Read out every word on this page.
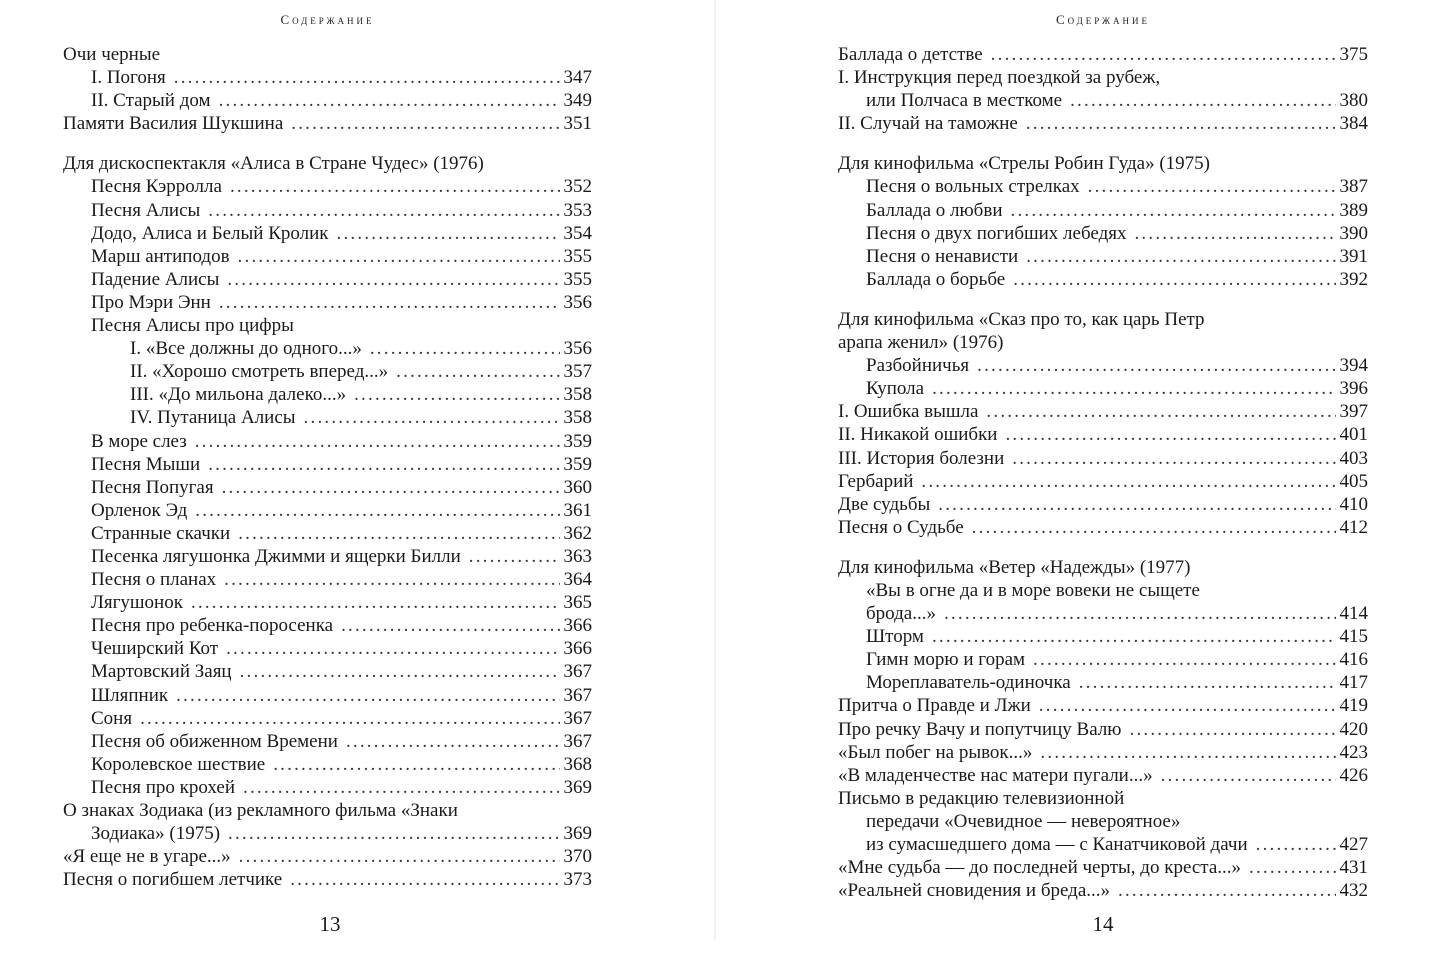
Содержание
Очи черные
I. Погоня .....	347
II. Старый дом .....	349
Памяти Василия Шукшина .....	351
Для дискоспектакля «Алиса в Стране Чудес» (1976)
Песня Кэрролла .....	352
Песня Алисы .....	353
Додо, Алиса и Белый Кролик .....	354
Марш антиподов .....	355
Падение Алисы .....	355
Про Мэри Энн .....	356
Песня Алисы про цифры
I. «Все должны до одного...» .....	356
II. «Хорошо смотреть вперед...» .....	357
III. «До мильона далеко...» .....	358
IV. Путаница Алисы .....	358
В море слез .....	359
Песня Мыши .....	359
Песня Попугая .....	360
Орленок Эд .....	361
Странные скачки .....	362
Песенка лягушонка Джимми и ящерки Билли .....	363
Песня о планах .....	364
Лягушонок .....	365
Песня про ребенка-поросенка .....	366
Чеширский Кот .....	366
Мартовский Заяц .....	367
Шляпник .....	367
Соня .....	367
Песня об обиженном Времени .....	367
Королевское шествие .....	368
Песня про крохей .....	369
О знаках Зодиака (из рекламного фильма «Знаки
Зодиака» (1975) .....	369
«Я еще не в угаре...» .....	370
Песня о погибшем летчике .....	373
13
Содержание
Баллада о детстве .....	375
I. Инструкция перед поездкой за рубеж,
или Полчаса в месткоме .....	380
II. Случай на таможне .....	384
Для кинофильма «Стрелы Робин Гуда» (1975)
Песня о вольных стрелках .....	387
Баллада о любви .....	389
Песня о двух погибших лебедях .....	390
Песня о ненависти .....	391
Баллада о борьбе .....	392
Для кинофильма «Сказ про то, как царь Петр
арапа женил» (1976)
Разбойничья .....	394
Купола .....	396
I. Ошибка вышла .....	397
II. Никакой ошибки .....	401
III. История болезни .....	403
Гербарий .....	405
Две судьбы .....	410
Песня о Судьбе .....	412
Для кинофильма «Ветер «Надежды» (1977)
«Вы в огне да и в море вовеки не сыщете
брода...» .....	414
Шторм .....	415
Гимн морю и горам .....	416
Мореплаватель-одиночка .....	417
Притча о Правде и Лжи .....	419
Про речку Вачу и попутчицу Валю .....	420
«Был побег на рывок...» .....	423
«В младенчестве нас матери пугали...» .....	426
Письмо в редакцию телевизионной
передачи «Очевидное — невероятное»
из сумасшедшего дома — с Канатчиковой дачи .....	427
«Мне судьба — до последней черты, до креста...» .....	431
«Реальней сновидения и бреда...» .....	432
14
